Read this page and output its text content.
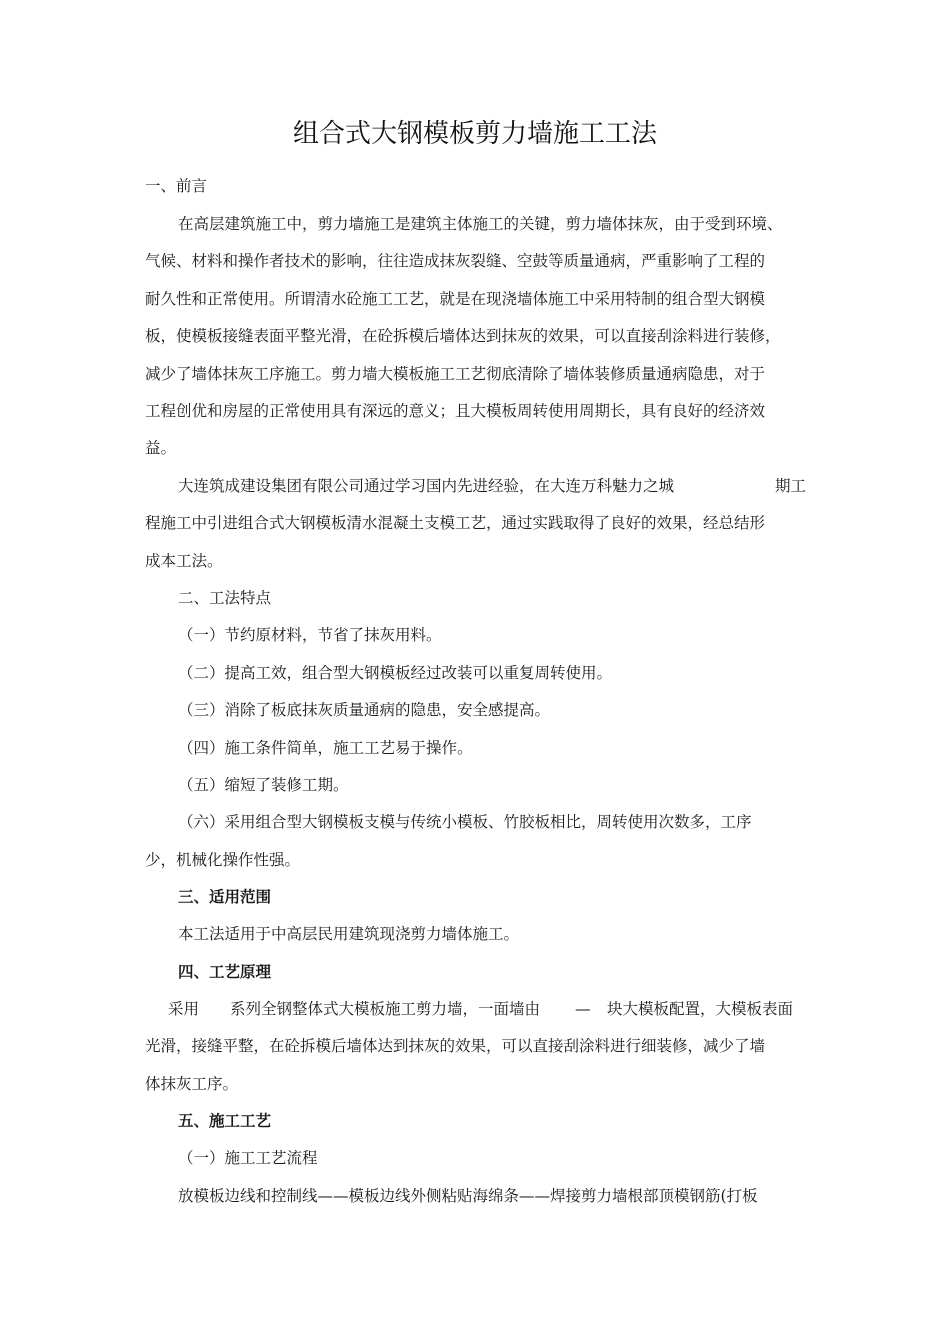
组合式大钢模板剪力墙施工工法
一、前言
在高层建筑施工中，剪力墙施工是建筑主体施工的关键，剪力墙体抹灰，由于受到环境、
气候、材料和操作者技术的影响，往往造成抹灰裂缝、空鼓等质量通病，严重影响了工程的
耐久性和正常使用。所谓清水砼施工工艺，就是在现浇墙体施工中采用特制的组合型大钢模
板，使模板接缝表面平整光滑，在砼拆模后墙体达到抹灰的效果，可以直接刮涂料进行装修，
减少了墙体抹灰工序施工。剪力墙大模板施工工艺彻底清除了墙体装修质量通病隐患，对于
工程创优和房屋的正常使用具有深远的意义；且大模板周转使用周期长，具有良好的经济效
益。
大连筑成建设集团有限公司通过学习国内先进经验，在大连万科魅力之城	期工
程施工中引进组合式大钢模板清水混凝土支模工艺，通过实践取得了良好的效果，经总结形
成本工法。
二、工法特点
（一）节约原材料，节省了抹灰用料。
（二）提高工效，组合型大钢模板经过改装可以重复周转使用。
（三）消除了板底抹灰质量通病的隐患，安全感提高。
（四）施工条件简单，施工工艺易于操作。
（五）缩短了装修工期。
（六）采用组合型大钢模板支模与传统小模板、竹胶板相比，周转使用次数多，工序
少，机械化操作性强。
三、适用范围
本工法适用于中高层民用建筑现浇剪力墙体施工。
四、工艺原理
采用 系列全钢整体式大模板施工剪力墙，一面墙由 — 块大模板配置，大模板表面
光滑，接缝平整，在砼拆模后墙体达到抹灰的效果，可以直接刮涂料进行细装修，减少了墙
体抹灰工序。
五、施工工艺
（一）施工工艺流程
放模板边线和控制线——模板边线外侧粘贴海绵条——焊接剪力墙根部顶模钢筋(打板
